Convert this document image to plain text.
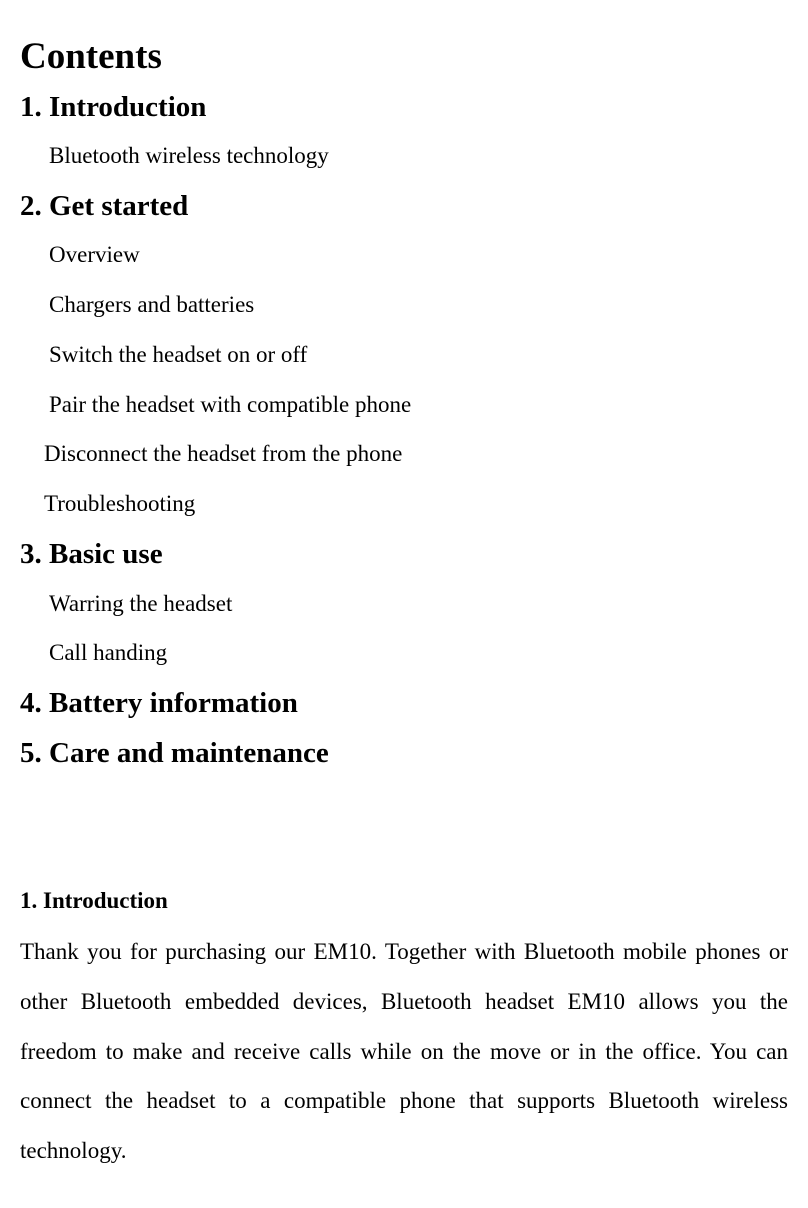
Contents
1. Introduction

Bluetooth wireless technology

2. Get started

Overview

Chargers and batteries

Switch the headset on or off

Pair the headset with compatible phone

Disconnect the headset from the phone

Troubleshooting

3. Basic use

Warring the headset

Call handing

4. Battery information
5. Care and maintenance
1. Introduction

Thank you for purchasing our EM10. Together with Bluetooth mobile phones or other Bluetooth embedded devices, Bluetooth headset EM10 allows you the freedom to make and receive calls while on the move or in the office. You can connect the headset to a compatible phone that supports Bluetooth wireless technology.
